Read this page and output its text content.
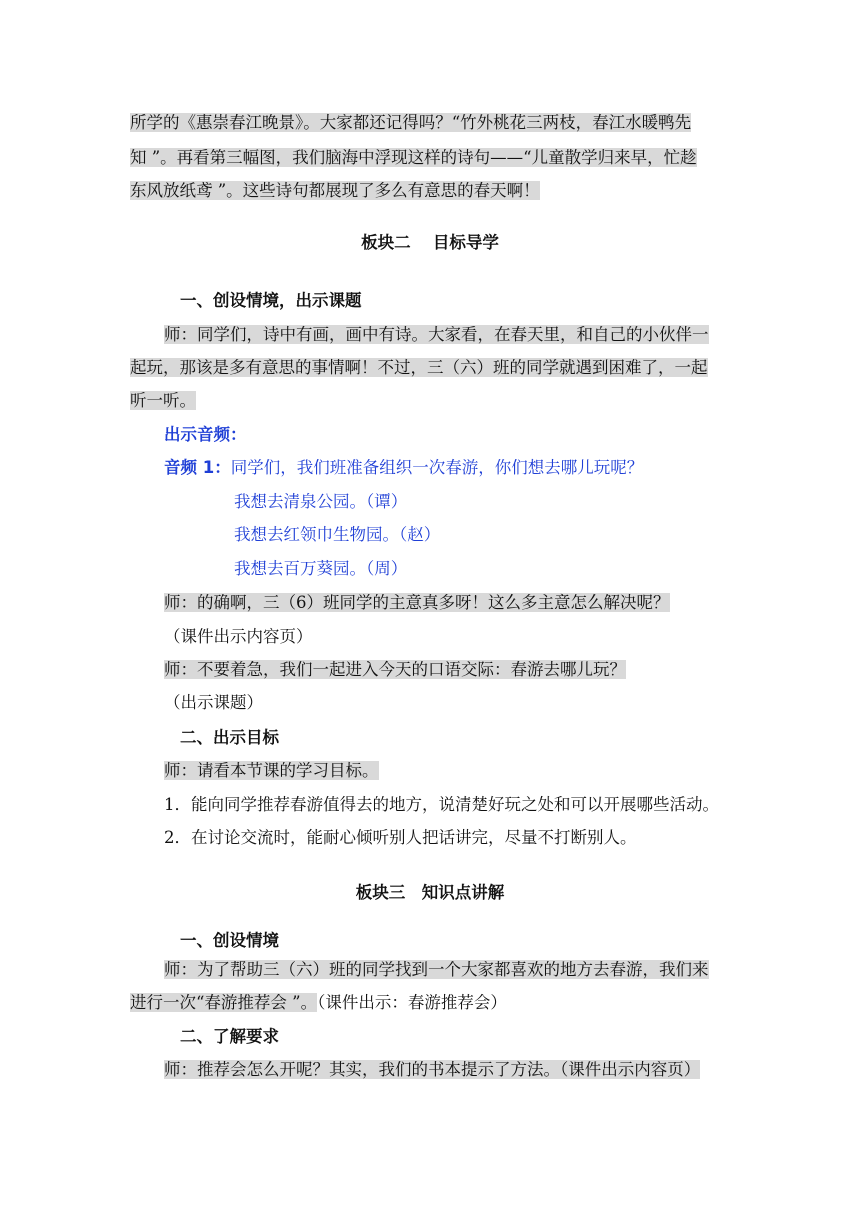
所学的《惠崇春江晚景》。大家都还记得吗？“竹外桃花三两枝，春江水暖鸭先
知 ”。再看第三幅图，我们脑海中浮现这样的诗句——“儿童散学归来早，忙趁
东风放纸鸢 ”。这些诗句都展现了多么有意思的春天啊！
板块二　 目标导学
一、创设情境，出示课题
师：同学们，诗中有画，画中有诗。大家看，在春天里，和自己的小伙伴一
起玩，那该是多有意思的事情啊！不过，三（六）班的同学就遇到困难了，一起
听一听。
出示音频：
音频 1：同学们，我们班准备组织一次春游，你们想去哪儿玩呢？
我想去清泉公园。（谭）
我想去红领巾生物园。（赵）
我想去百万葵园。（周）
师：的确啊，三（6）班同学的主意真多呀！这么多主意怎么解决呢？
（课件出示内容页）
师：不要着急，我们一起进入今天的口语交际：春游去哪儿玩？
（出示课题）
二、出示目标
师：请看本节课的学习目标。
1．能向同学推荐春游值得去的地方，说清楚好玩之处和可以开展哪些活动。
2．在讨论交流时，能耐心倾听别人把话讲完，尽量不打断别人。
板块三　知识点讲解
一、创设情境
师：为了帮助三（六）班的同学找到一个大家都喜欢的地方去春游，我们来
进行一次“春游推荐会 ”。（课件出示：春游推荐会）
二、了解要求
师：推荐会怎么开呢？其实，我们的书本提示了方法。（课件出示内容页）
